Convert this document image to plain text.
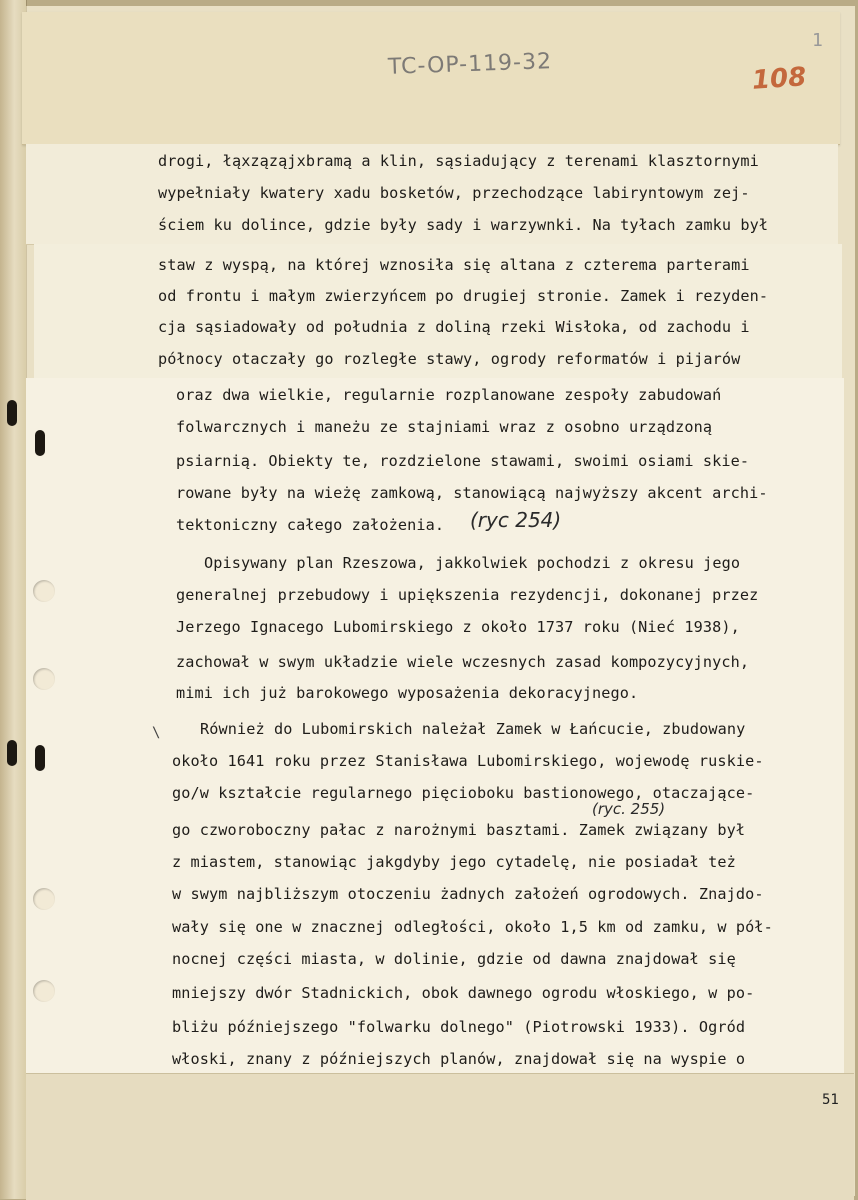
TC-OP-119-32	108
1
drogi, łąxząząjxbramą a klin, sąsiadujący z terenami klasztornymi
wypełniały kwatery xadu bosketów, przechodzące labiryntowym zej-
ściem ku dolince, gdzie były sady i warzywnki. Na tyłach zamku był
staw z wyspą, na której wznosiła się altana z czterema parterami
od frontu i małym zwierzyńcem po drugiej stronie. Zamek i rezyden-
cja sąsiadowały od południa z doliną rzeki Wisłoka, od zachodu i
północy otaczały go rozległe stawy, ogrody reformatów i pijarów
oraz dwa wielkie, regularnie rozplanowane zespoły zabudowań
folwarcznych i maneżu ze stajniami wraz z osobno urządzoną
psiarnią. Obiekty te, rozdzielone stawami, swoimi osiami skie-
rowane były na wieżę zamkową, stanowiącą najwyższy akcent archi-
tektoniczny całego założenia.
Opisywany plan Rzeszowa, jakkolwiek pochodzi z okresu jego
generalnej przebudowy i upiększenia rezydencji, dokonanej przez
Jerzego Ignacego Lubomirskiego z około 1737 roku (Nieć 1938),
zachował w swym układzie wiele wczesnych zasad kompozycyjnych,
mimi ich już barokowego wyposażenia dekoracyjnego.
Również do Lubomirskich należał Zamek w Łańcucie, zbudowany
około 1641 roku przez Stanisława Lubomirskiego, wojewodę ruskie-
go/w kształcie regularnego pięcioboku bastionowego, otaczające-
go czworoboczny pałac z narożnymi basztami. Zamek związany był
z miastem, stanowiąc jakgdyby jego cytadelę, nie posiadał też
w swym najbliższym otoczeniu żadnych założeń ogrodowych. Znajdo-
wały się one w znacznej odległości, około 1,5 km od zamku, w pół-
nocnej części miasta, w dolinie, gdzie od dawna znajdował się
mniejszy dwór Stadnickich, obok dawnego ogrodu włoskiego, w po-
bliżu późniejszego "folwarku dolnego" (Piotrowski 1933). Ogród
włoski, znany z późniejszych planów, znajdował się na wyspie o
(ryc 254)
(ryc. 255)
\
51
